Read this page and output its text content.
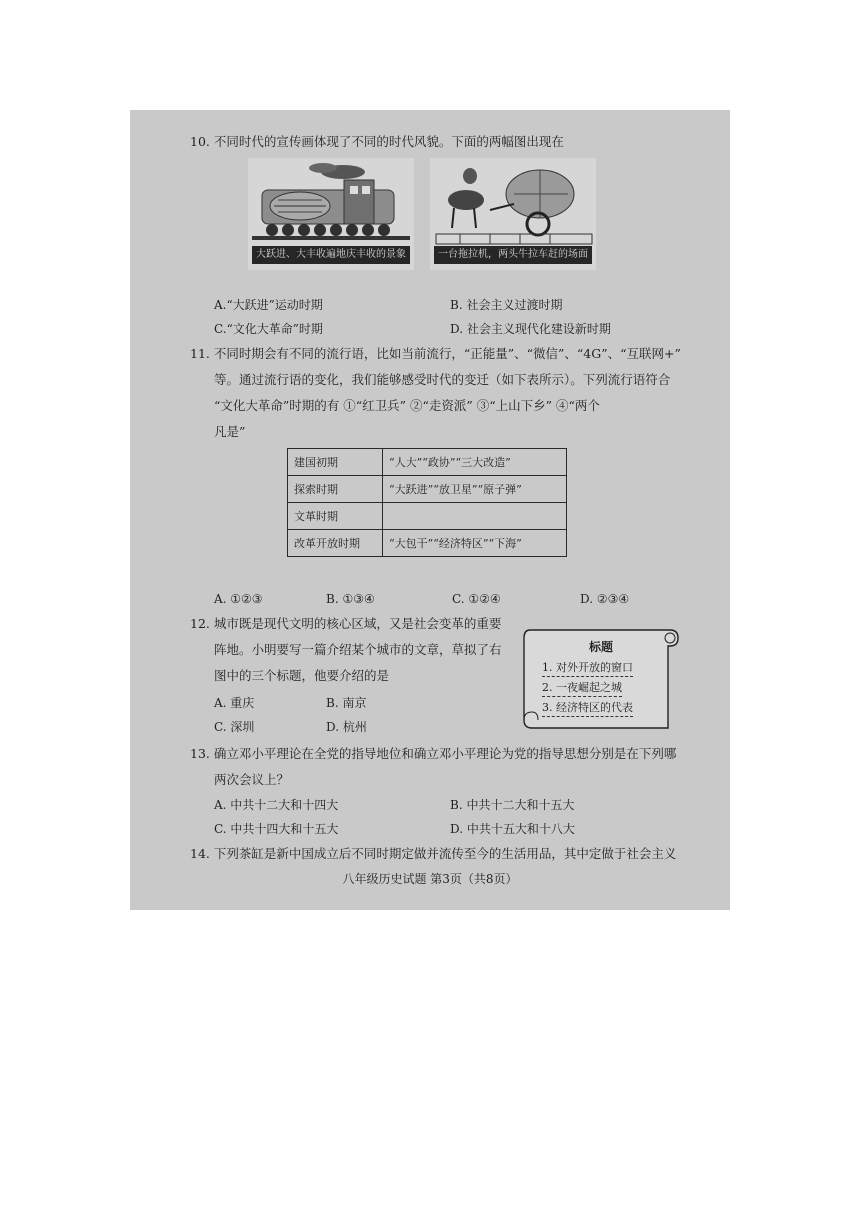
10. 不同时代的宣传画体现了不同的时代风貌。下面的两幅图出现在
大跃进、大丰收遍地庆丰收的景象	一台拖拉机，两头牛拉车赶的场面
A.“大跃进”运动时期	B. 社会主义过渡时期
C.“文化大革命”时期	D. 社会主义现代化建设新时期
11. 不同时期会有不同的流行语，比如当前流行，“正能量”、“微信”、“4G”、“互联网+”
等。通过流行语的变化，我们能够感受时代的变迁（如下表所示）。下列流行语符合
“文化大革命”时期的有 ①“红卫兵” ②“走资派” ③“上山下乡” ④“两个
凡是”
建国初期	“人大”“政协”“三大改造”
探索时期	“大跃进”“放卫星”“原子弹”
文革时期	
改革开放时期	“大包干”“经济特区”“下海”
A. ①②③	B. ①③④	C. ①②④	D. ②③④
12. 城市既是现代文明的核心区域，又是社会变革的重要
阵地。小明要写一篇介绍某个城市的文章，草拟了右
图中的三个标题，他要介绍的是
A. 重庆	B. 南京
C. 深圳	D. 杭州
标题
1. 对外开放的窗口
2. 一夜崛起之城
3. 经济特区的代表
13. 确立邓小平理论在全党的指导地位和确立邓小平理论为党的指导思想分别是在下列哪
两次会议上？
A. 中共十二大和十四大	B. 中共十二大和十五大
C. 中共十四大和十五大	D. 中共十五大和十八大
14. 下列茶缸是新中国成立后不同时期定做并流传至今的生活用品，其中定做于社会主义
八年级历史试题 第3页（共8页）
